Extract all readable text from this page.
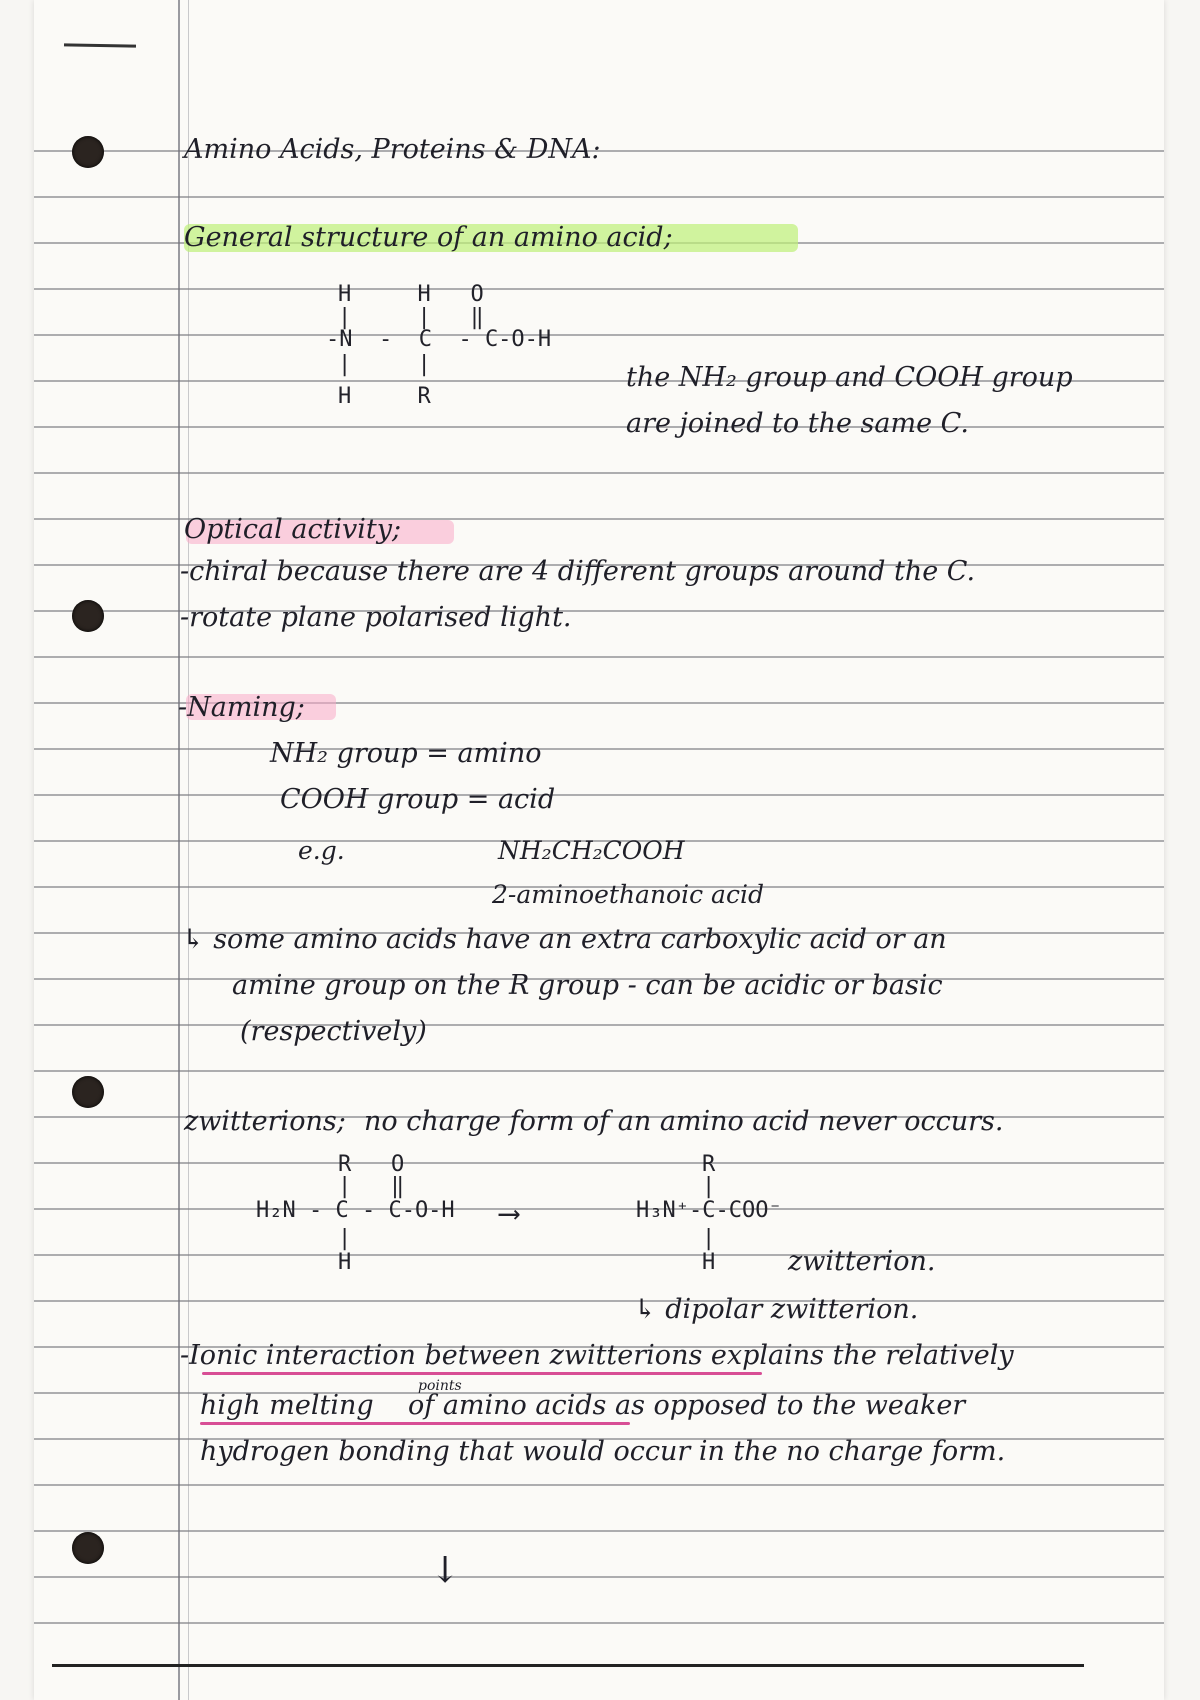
Amino Acids, Proteins & DNA:
General structure of an amino acid;
H     H   O
|     |   ‖
-N  -  C  - C-O-H
|     |
H     R
the NH₂ group and COOH group
are joined to the same C.
Optical activity;
-chiral because there are 4 different groups around the C.
-rotate plane polarised light.
-Naming;
NH₂ group = amino
COOH group = acid
e.g.	NH₂CH₂COOH
2-aminoethanoic acid
↳ some amino acids have an extra carboxylic acid or an
amine group on the R group - can be acidic or basic
(respectively)
zwitterions; no charge form of an amino acid never occurs.
R   O
|   ‖
H₂N - C - C-O-H
|
H
⟶
R
|
H₃N⁺-C-COO⁻
|
H	zwitterion.
↳ dipolar zwitterion.
-Ionic interaction between zwitterions explains the relatively
high melting
points
of amino acids as opposed to the weaker
hydrogen bonding that would occur in the no charge form.
↓
